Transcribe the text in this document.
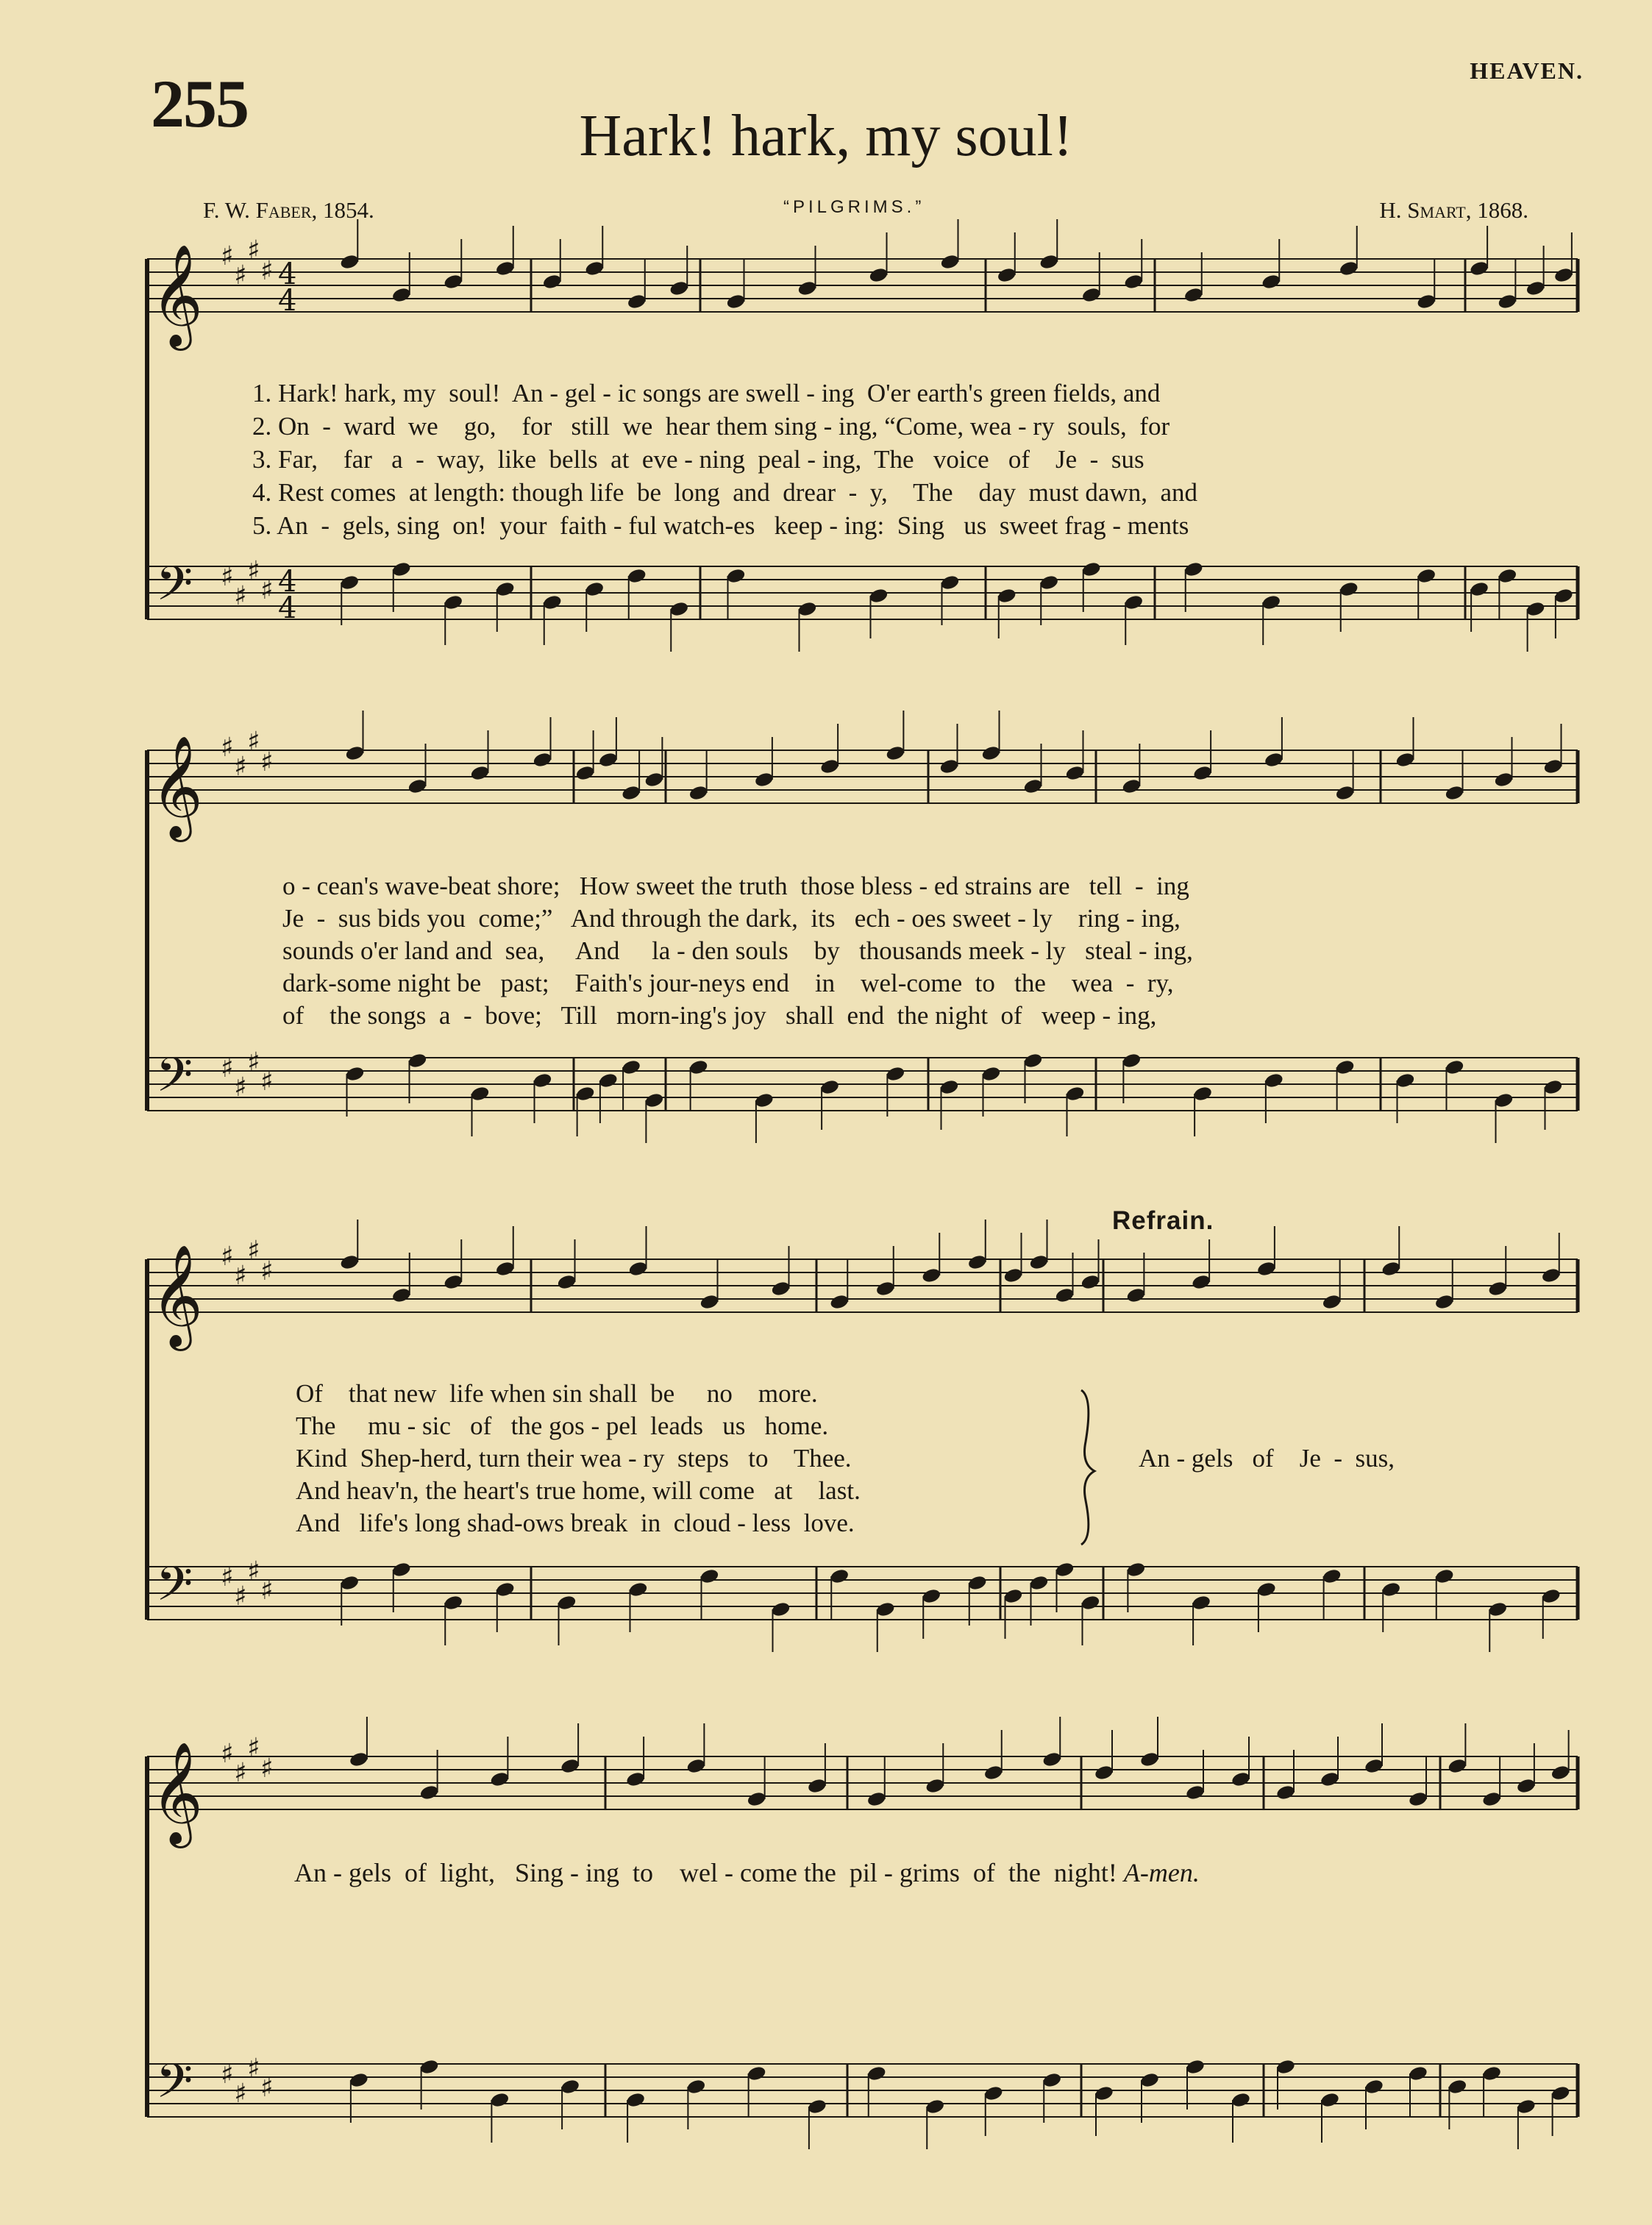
255	HEAVEN.
Hark! hark, my soul!
F. W. Faber, 1854.	“PILGRIMS.”	H. Smart, 1868.
𝄞 ♯
♯
♯
♯ 4
4
𝄢 ♯
♯
♯
♯ 4
4
𝄞 ♯
♯
♯
♯
𝄢 ♯
♯
♯
♯
𝄞 ♯
♯
♯
♯
𝄢 ♯
♯
♯
♯
𝄞 ♯
♯
♯
♯
𝄢 ♯
♯
♯
♯
1. Hark! hark, my  soul!  An - gel - ic songs are swell - ing  O'er earth's green fields, and
2. On  -  ward  we    go,    for   still  we  hear them sing - ing, “Come, wea - ry  souls,  for
3. Far,    far   a  -  way,  like  bells  at  eve - ning  peal - ing,  The   voice   of    Je  -  sus
4. Rest comes  at length: though life  be  long  and  drear  -  y,    The    day  must dawn,  and
5. An  -  gels, sing  on!  your  faith - ful watch-es   keep - ing:  Sing   us  sweet frag - ments
o - cean's wave-beat shore;   How sweet the truth  those bless - ed strains are   tell  -  ing
Je  -  sus bids you  come;”   And through the dark,  its   ech - oes sweet - ly    ring - ing,
sounds o'er land and  sea,     And     la - den souls    by   thousands meek - ly   steal - ing,
dark-some night be   past;    Faith's jour-neys end    in    wel-come  to   the    wea  -  ry,
of    the songs  a  -  bove;   Till   morn-ing's joy   shall  end  the night  of   weep - ing,
Refrain.
Of    that new  life when sin shall  be     no    more.
The     mu - sic   of   the gos - pel  leads   us   home.
Kind  Shep-herd, turn their wea - ry  steps   to    Thee.
And heav'n, the heart's true home, will come   at    last.
And   life's long shad-ows break  in  cloud - less  love.
An - gels   of    Je  -  sus,
An - gels  of  light,   Sing - ing  to    wel - come the  pil - grims  of  the  night! A-men.
